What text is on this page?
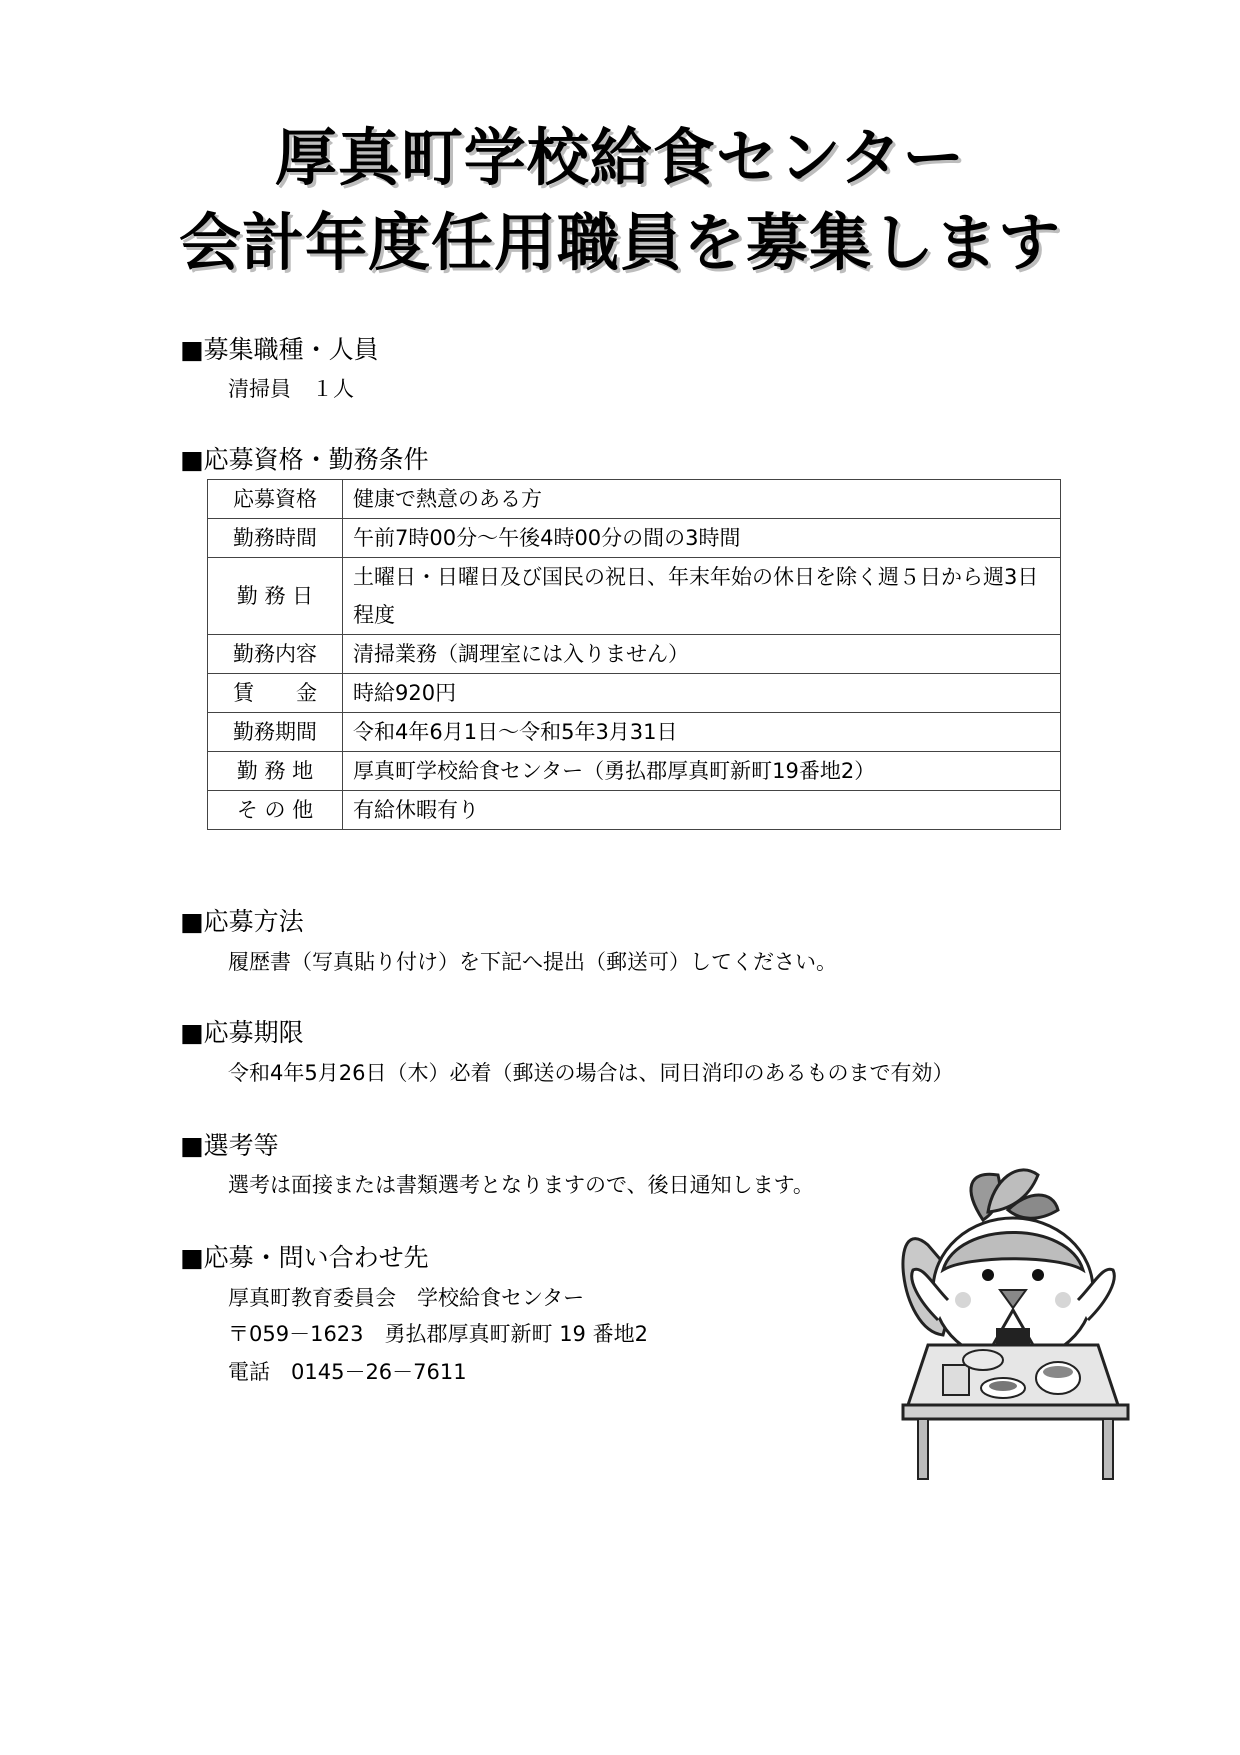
厚真町学校給食センター
会計年度任用職員を募集します
■募集職種・人員
清掃員　１人
■応募資格・勤務条件
応募資格	健康で熱意のある方
勤務時間	午前7時00分～午後4時00分の間の3時間
勤 務 日	土曜日・日曜日及び国民の祝日、年末年始の休日を除く週５日から週3日程度
勤務内容	清掃業務（調理室には入りません）
賃　　金	時給920円
勤務期間	令和4年6月1日～令和5年3月31日
勤 務 地	厚真町学校給食センター（勇払郡厚真町新町19番地2）
そ の 他	有給休暇有り
■応募方法
履歴書（写真貼り付け）を下記へ提出（郵送可）してください。
■応募期限
令和4年5月26日（木）必着（郵送の場合は、同日消印のあるものまで有効）
■選考等
選考は面接または書類選考となりますので、後日通知します。
■応募・問い合わせ先
厚真町教育委員会　学校給食センター
〒059－1623　勇払郡厚真町新町 19 番地2
電話　0145－26－7611
